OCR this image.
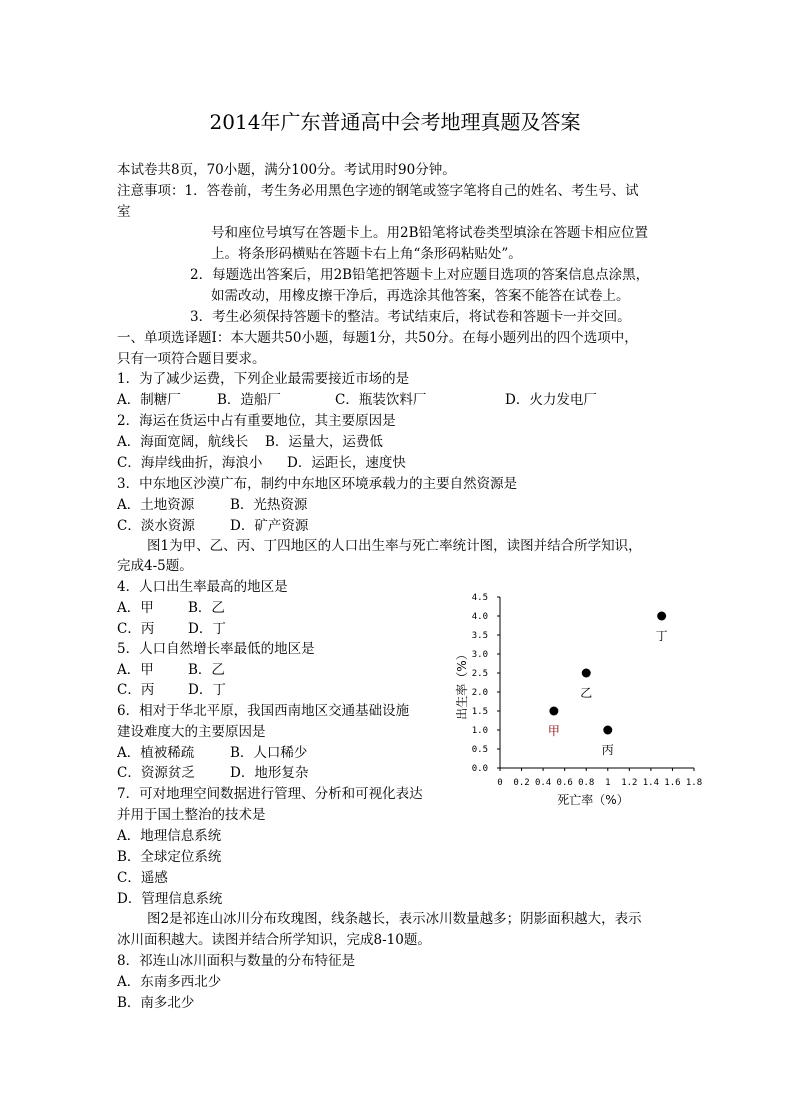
2014年广东普通高中会考地理真题及答案
本试卷共8页，70小题，满分100分。考试用时90分钟。
注意事项：1．答卷前，考生务必用黑色字迹的钢笔或签字笔将自己的姓名、考生号、试
室
号和座位号填写在答题卡上。用2B铅笔将试卷类型填涂在答题卡相应位置
上。将条形码横贴在答题卡右上角“条形码粘贴处”。
2．每题选出答案后，用2B铅笔把答题卡上对应题目选项的答案信息点涂黑，
如需改动，用橡皮擦干净后，再选涂其他答案，答案不能答在试卷上。
3．考生必须保持答题卡的整洁。考试结束后，将试卷和答题卡一并交回。
一、单项选译题Ⅰ：本大题共50小题，每题1分，共50分。在每小题列出的四个选项中，
只有一项符合题目要求。
1．为了减少运费，下列企业最需要接近市场的是
A．制糖厂	B．造船厂	C．瓶装饮料厂	D．火力发电厂
2．海运在货运中占有重要地位，其主要原因是
A．海面宽阔，航线长 B．运量大，运费低
C．海岸线曲折，海浪小 D．运距长，速度快
3．中东地区沙漠广布，制约中东地区环境承载力的主要自然资源是
A．土地资源	B．光热资源
C．淡水资源	D．矿产资源
图1为甲、乙、丙、丁四地区的人口出生率与死亡率统计图，读图并结合所学知识，
完成4-5题。
4．人口出生率最高的地区是
A．甲	B．乙
C．丙 D．丁
5．人口自然增长率最低的地区是
A．甲	B．乙
C．丙 D．丁
6．相对于华北平原，我国西南地区交通基础设施
建设难度大的主要原因是
A．植被稀疏	B．人口稀少
C．资源贫乏	D．地形复杂
7．可对地理空间数据进行管理、分析和可视化表达
并用于国土整治的技术是
A．地理信息系统
B．全球定位系统
C．遥感
D．管理信息系统
图2是祁连山冰川分布玫瑰图，线条越长，表示冰川数量越多；阴影面积越大，表示
冰川面积越大。读图并结合所学知识，完成8-10题。
8．祁连山冰川面积与数量的分布特征是
A．东南多西北少
B．南多北少
0 0.2 0.4 0.6 0.8 1 1.2 1.4 1.6 1.8
0.0
0.5
1.0
1.5
2.0
2.5
3.0
3.5
4.0
4.5
甲
乙
丙
丁
死亡率（%）
出生率（%）
